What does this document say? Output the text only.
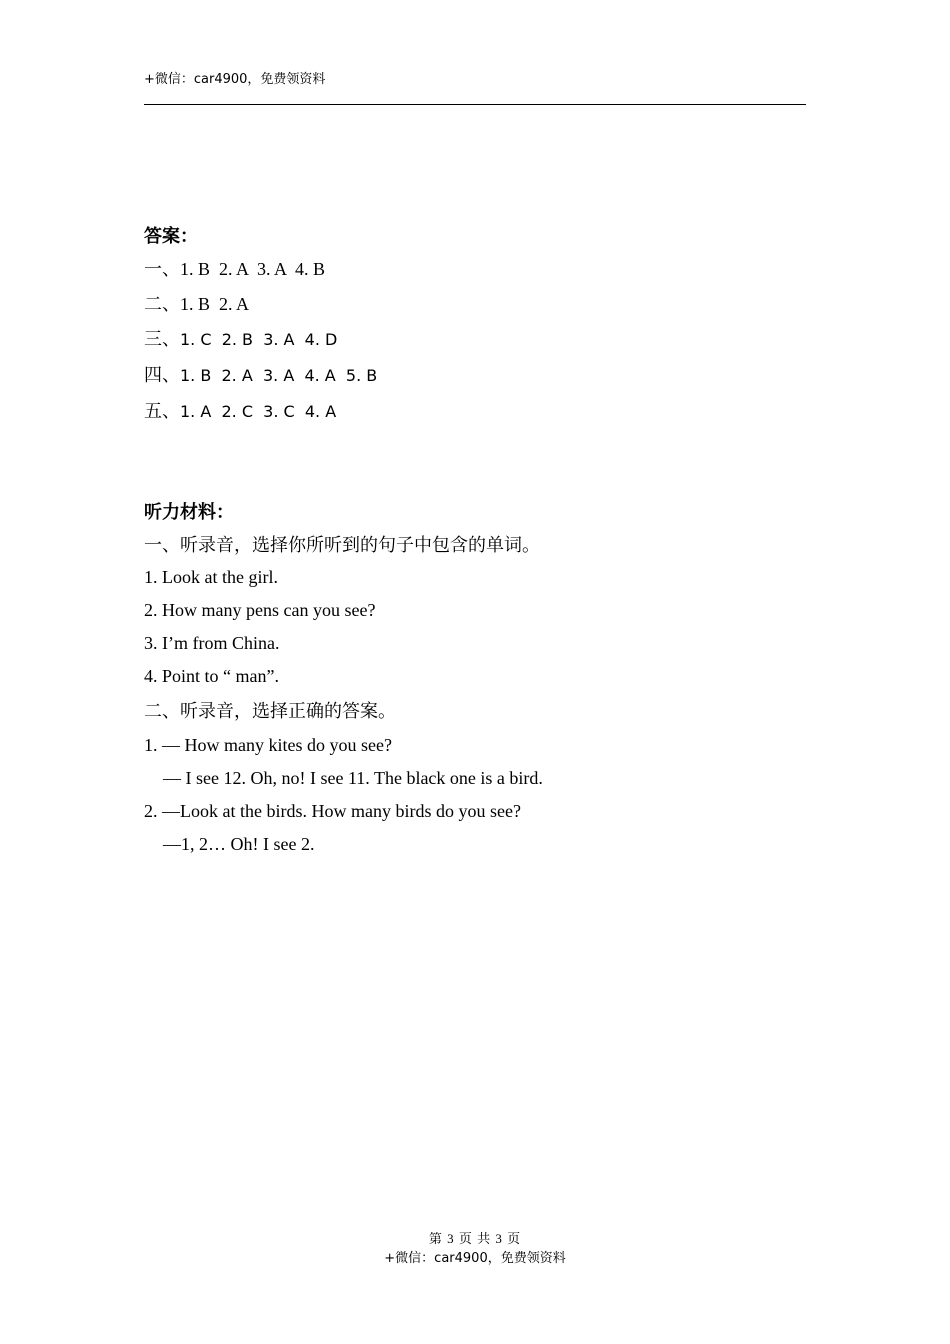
+微信：car4900，免费领资料
答案：
一、1. B  2. A  3. A  4. B
二、1. B  2. A
三、1. C  2. B  3. A  4. D
四、1. B  2. A  3. A  4. A  5. B
五、1. A  2. C  3. C  4. A
听力材料：
一、听录音，选择你所听到的句子中包含的单词。
1. Look at the girl.
2. How many pens can you see?
3. I’m from China.
4. Point to “ man”.
二、听录音，选择正确的答案。
1. — How many kites do you see?
— I see 12. Oh, no! I see 11. The black one is a bird.
2. —Look at the birds. How many birds do you see?
—1, 2… Oh! I see 2.
第 3 页 共 3 页
+微信：car4900，免费领资料
